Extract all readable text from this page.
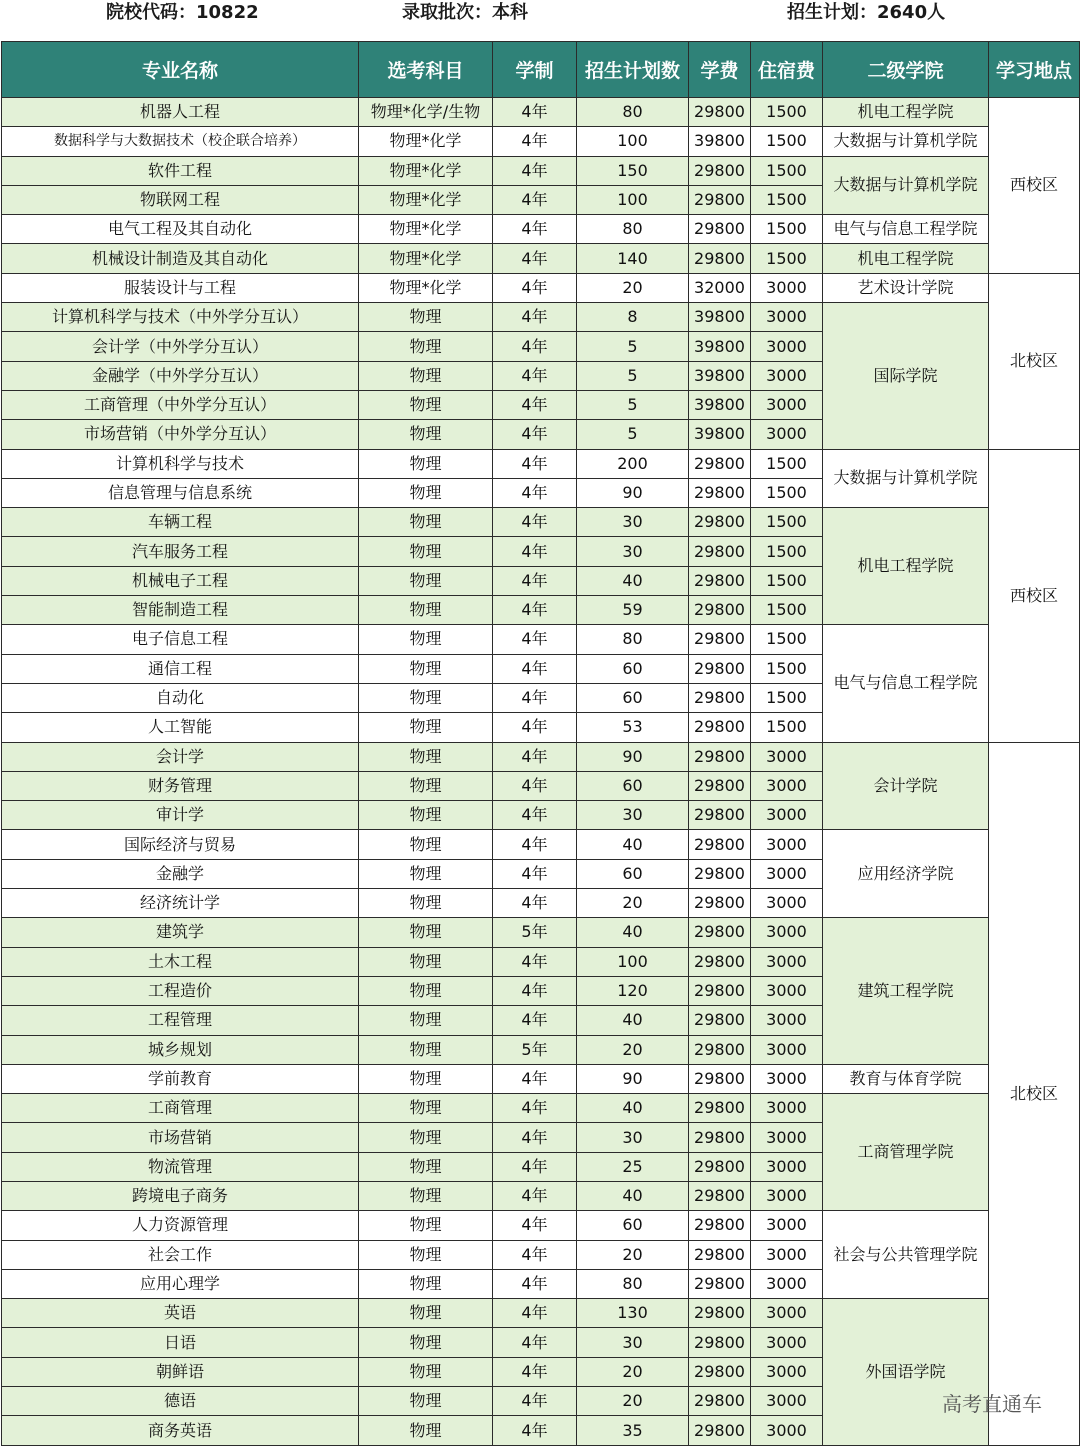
院校代码：10822	录取批次：本科	招生计划：2640人
专业名称	选考科目	学制	招生计划数	学费	住宿费	二级学院	学习地点
机器人工程	物理*化学/生物	4年	80	29800	1500	机电工程学院	西校区
数据科学与大数据技术（校企联合培养）	物理*化学	4年	100	39800	1500	大数据与计算机学院	
软件工程	物理*化学	4年	150	29800	1500	大数据与计算机学院	
物联网工程	物理*化学	4年	100	29800	1500		
电气工程及其自动化	物理*化学	4年	80	29800	1500	电气与信息工程学院	
机械设计制造及其自动化	物理*化学	4年	140	29800	1500	机电工程学院	
服装设计与工程	物理*化学	4年	20	32000	3000	艺术设计学院	北校区
计算机科学与技术（中外学分互认）	物理	4年	8	39800	3000	国际学院	
会计学（中外学分互认）	物理	4年	5	39800	3000		
金融学（中外学分互认）	物理	4年	5	39800	3000		
工商管理（中外学分互认）	物理	4年	5	39800	3000		
市场营销（中外学分互认）	物理	4年	5	39800	3000		
计算机科学与技术	物理	4年	200	29800	1500	大数据与计算机学院	西校区
信息管理与信息系统	物理	4年	90	29800	1500		
车辆工程	物理	4年	30	29800	1500	机电工程学院	
汽车服务工程	物理	4年	30	29800	1500		
机械电子工程	物理	4年	40	29800	1500		
智能制造工程	物理	4年	59	29800	1500		
电子信息工程	物理	4年	80	29800	1500	电气与信息工程学院	
通信工程	物理	4年	60	29800	1500		
自动化	物理	4年	60	29800	1500		
人工智能	物理	4年	53	29800	1500		
会计学	物理	4年	90	29800	3000	会计学院	北校区
财务管理	物理	4年	60	29800	3000		
审计学	物理	4年	30	29800	3000		
国际经济与贸易	物理	4年	40	29800	3000	应用经济学院	
金融学	物理	4年	60	29800	3000		
经济统计学	物理	4年	20	29800	3000		
建筑学	物理	5年	40	29800	3000	建筑工程学院	
土木工程	物理	4年	100	29800	3000		
工程造价	物理	4年	120	29800	3000		
工程管理	物理	4年	40	29800	3000		
城乡规划	物理	5年	20	29800	3000		
学前教育	物理	4年	90	29800	3000	教育与体育学院	
工商管理	物理	4年	40	29800	3000	工商管理学院	
市场营销	物理	4年	30	29800	3000		
物流管理	物理	4年	25	29800	3000		
跨境电子商务	物理	4年	40	29800	3000		
人力资源管理	物理	4年	60	29800	3000	社会与公共管理学院	
社会工作	物理	4年	20	29800	3000		
应用心理学	物理	4年	80	29800	3000		
英语	物理	4年	130	29800	3000	外国语学院	
日语	物理	4年	30	29800	3000		
朝鲜语	物理	4年	20	29800	3000		
德语	物理	4年	20	29800	3000		
商务英语	物理	4年	35	29800	3000		
高考直通车
